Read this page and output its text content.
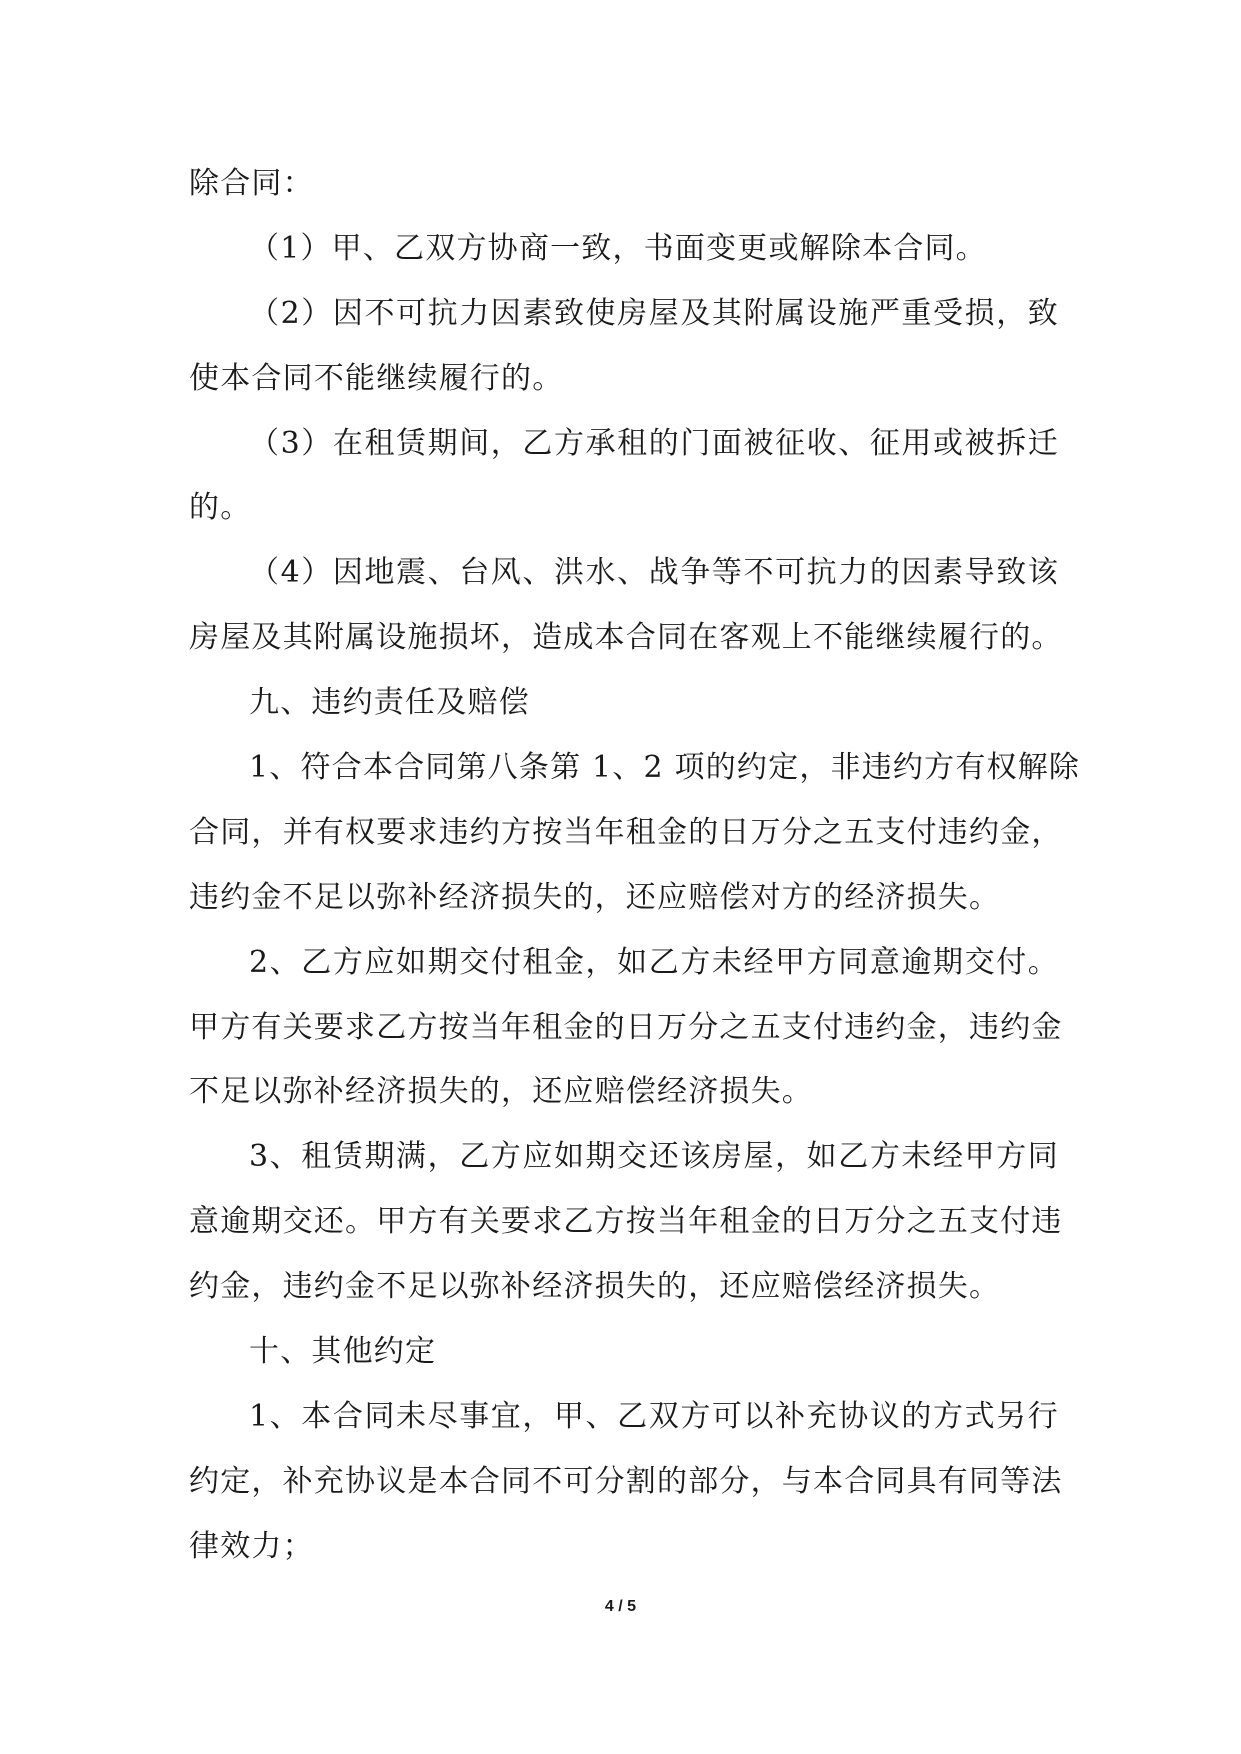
除合同：
（1）甲、乙双方协商一致，书面变更或解除本合同。
（2）因不可抗力因素致使房屋及其附属设施严重受损，致
使本合同不能继续履行的。
（3）在租赁期间，乙方承租的门面被征收、征用或被拆迁
的。
（4）因地震、台风、洪水、战争等不可抗力的因素导致该
房屋及其附属设施损坏，造成本合同在客观上不能继续履行的。
九、违约责任及赔偿
1、符合本合同第八条第 1、2 项的约定，非违约方有权解除
合同，并有权要求违约方按当年租金的日万分之五支付违约金，
违约金不足以弥补经济损失的，还应赔偿对方的经济损失。
2、乙方应如期交付租金，如乙方未经甲方同意逾期交付。
甲方有关要求乙方按当年租金的日万分之五支付违约金，违约金
不足以弥补经济损失的，还应赔偿经济损失。
3、租赁期满，乙方应如期交还该房屋，如乙方未经甲方同
意逾期交还。甲方有关要求乙方按当年租金的日万分之五支付违
约金，违约金不足以弥补经济损失的，还应赔偿经济损失。
十、其他约定
1、本合同未尽事宜，甲、乙双方可以补充协议的方式另行
约定，补充协议是本合同不可分割的部分，与本合同具有同等法
律效力；
4 / 5
